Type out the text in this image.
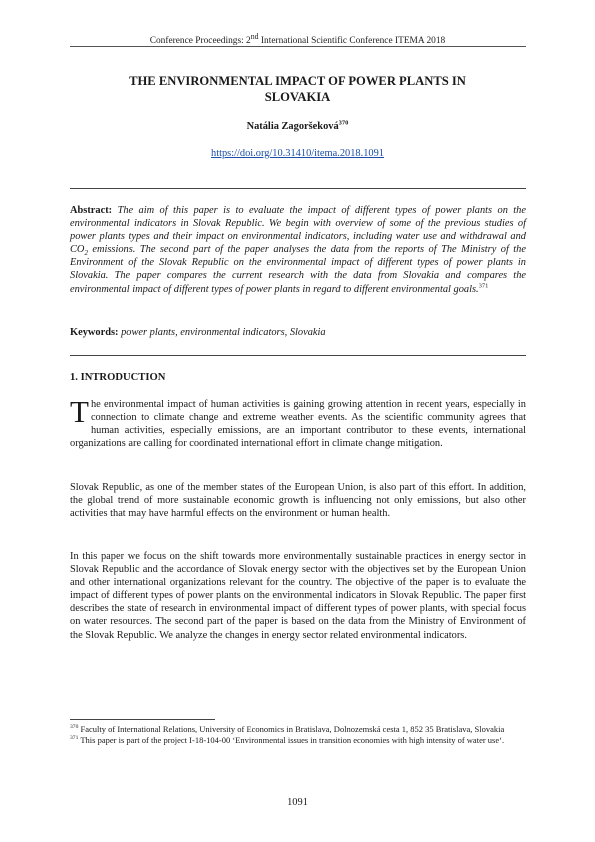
Conference Proceedings: 2nd International Scientific Conference ITEMA 2018
THE ENVIRONMENTAL IMPACT OF POWER PLANTS IN
SLOVAKIA
Natália Zagoršeková$^{370}$
https://doi.org/10.31410/itema.2018.1091
Abstract: The aim of this paper is to evaluate the impact of different types of power plants on the environmental indicators in Slovak Republic. We begin with overview of some of the previous studies of power plants types and their impact on environmental indicators, including water use and withdrawal and $CO_2$ emissions. The second part of the paper analyses the data from the reports of The Ministry of the Environment of the Slovak Republic on the environmental impact of different types of power plants in Slovakia. The paper compares the current research with the data from Slovakia and compares the environmental impact of different types of power plants in regard to different environmental goals.$^{371}$
Keywords: power plants, environmental indicators, Slovakia
1. INTRODUCTION
The environmental impact of human activities is gaining growing attention in recent years, especially in connection to climate change and extreme weather events. As the scientific community agrees that human activities, especially emissions, are an important contributor to these events, international organizations are calling for coordinated international effort in climate change mitigation.
Slovak Republic, as one of the member states of the European Union, is also part of this effort. In addition, the global trend of more sustainable economic growth is influencing not only emissions, but also other activities that may have harmful effects on the environment or human health.
In this paper we focus on the shift towards more environmentally sustainable practices in energy sector in Slovak Republic and the accordance of Slovak energy sector with the objectives set by the European Union and other international organizations relevant for the country. The objective of the paper is to evaluate the impact of different types of power plants on the environmental indicators in Slovak Republic. The paper first describes the state of research in environmental impact of different types of power plants, with special focus on water resources. The second part of the paper is based on the data from the Ministry of Environment of the Slovak Republic. We analyze the changes in energy sector related environmental indicators.

$^{370}$ Faculty of International Relations, University of Economics in Bratislava, Dolnozemská cesta 1, 852 35 Bratislava, Slovakia

$^{371}$ This paper is part of the project I-18-104-00 ‘Environmental issues in transition economies with high intensity of water use‘.

1091
